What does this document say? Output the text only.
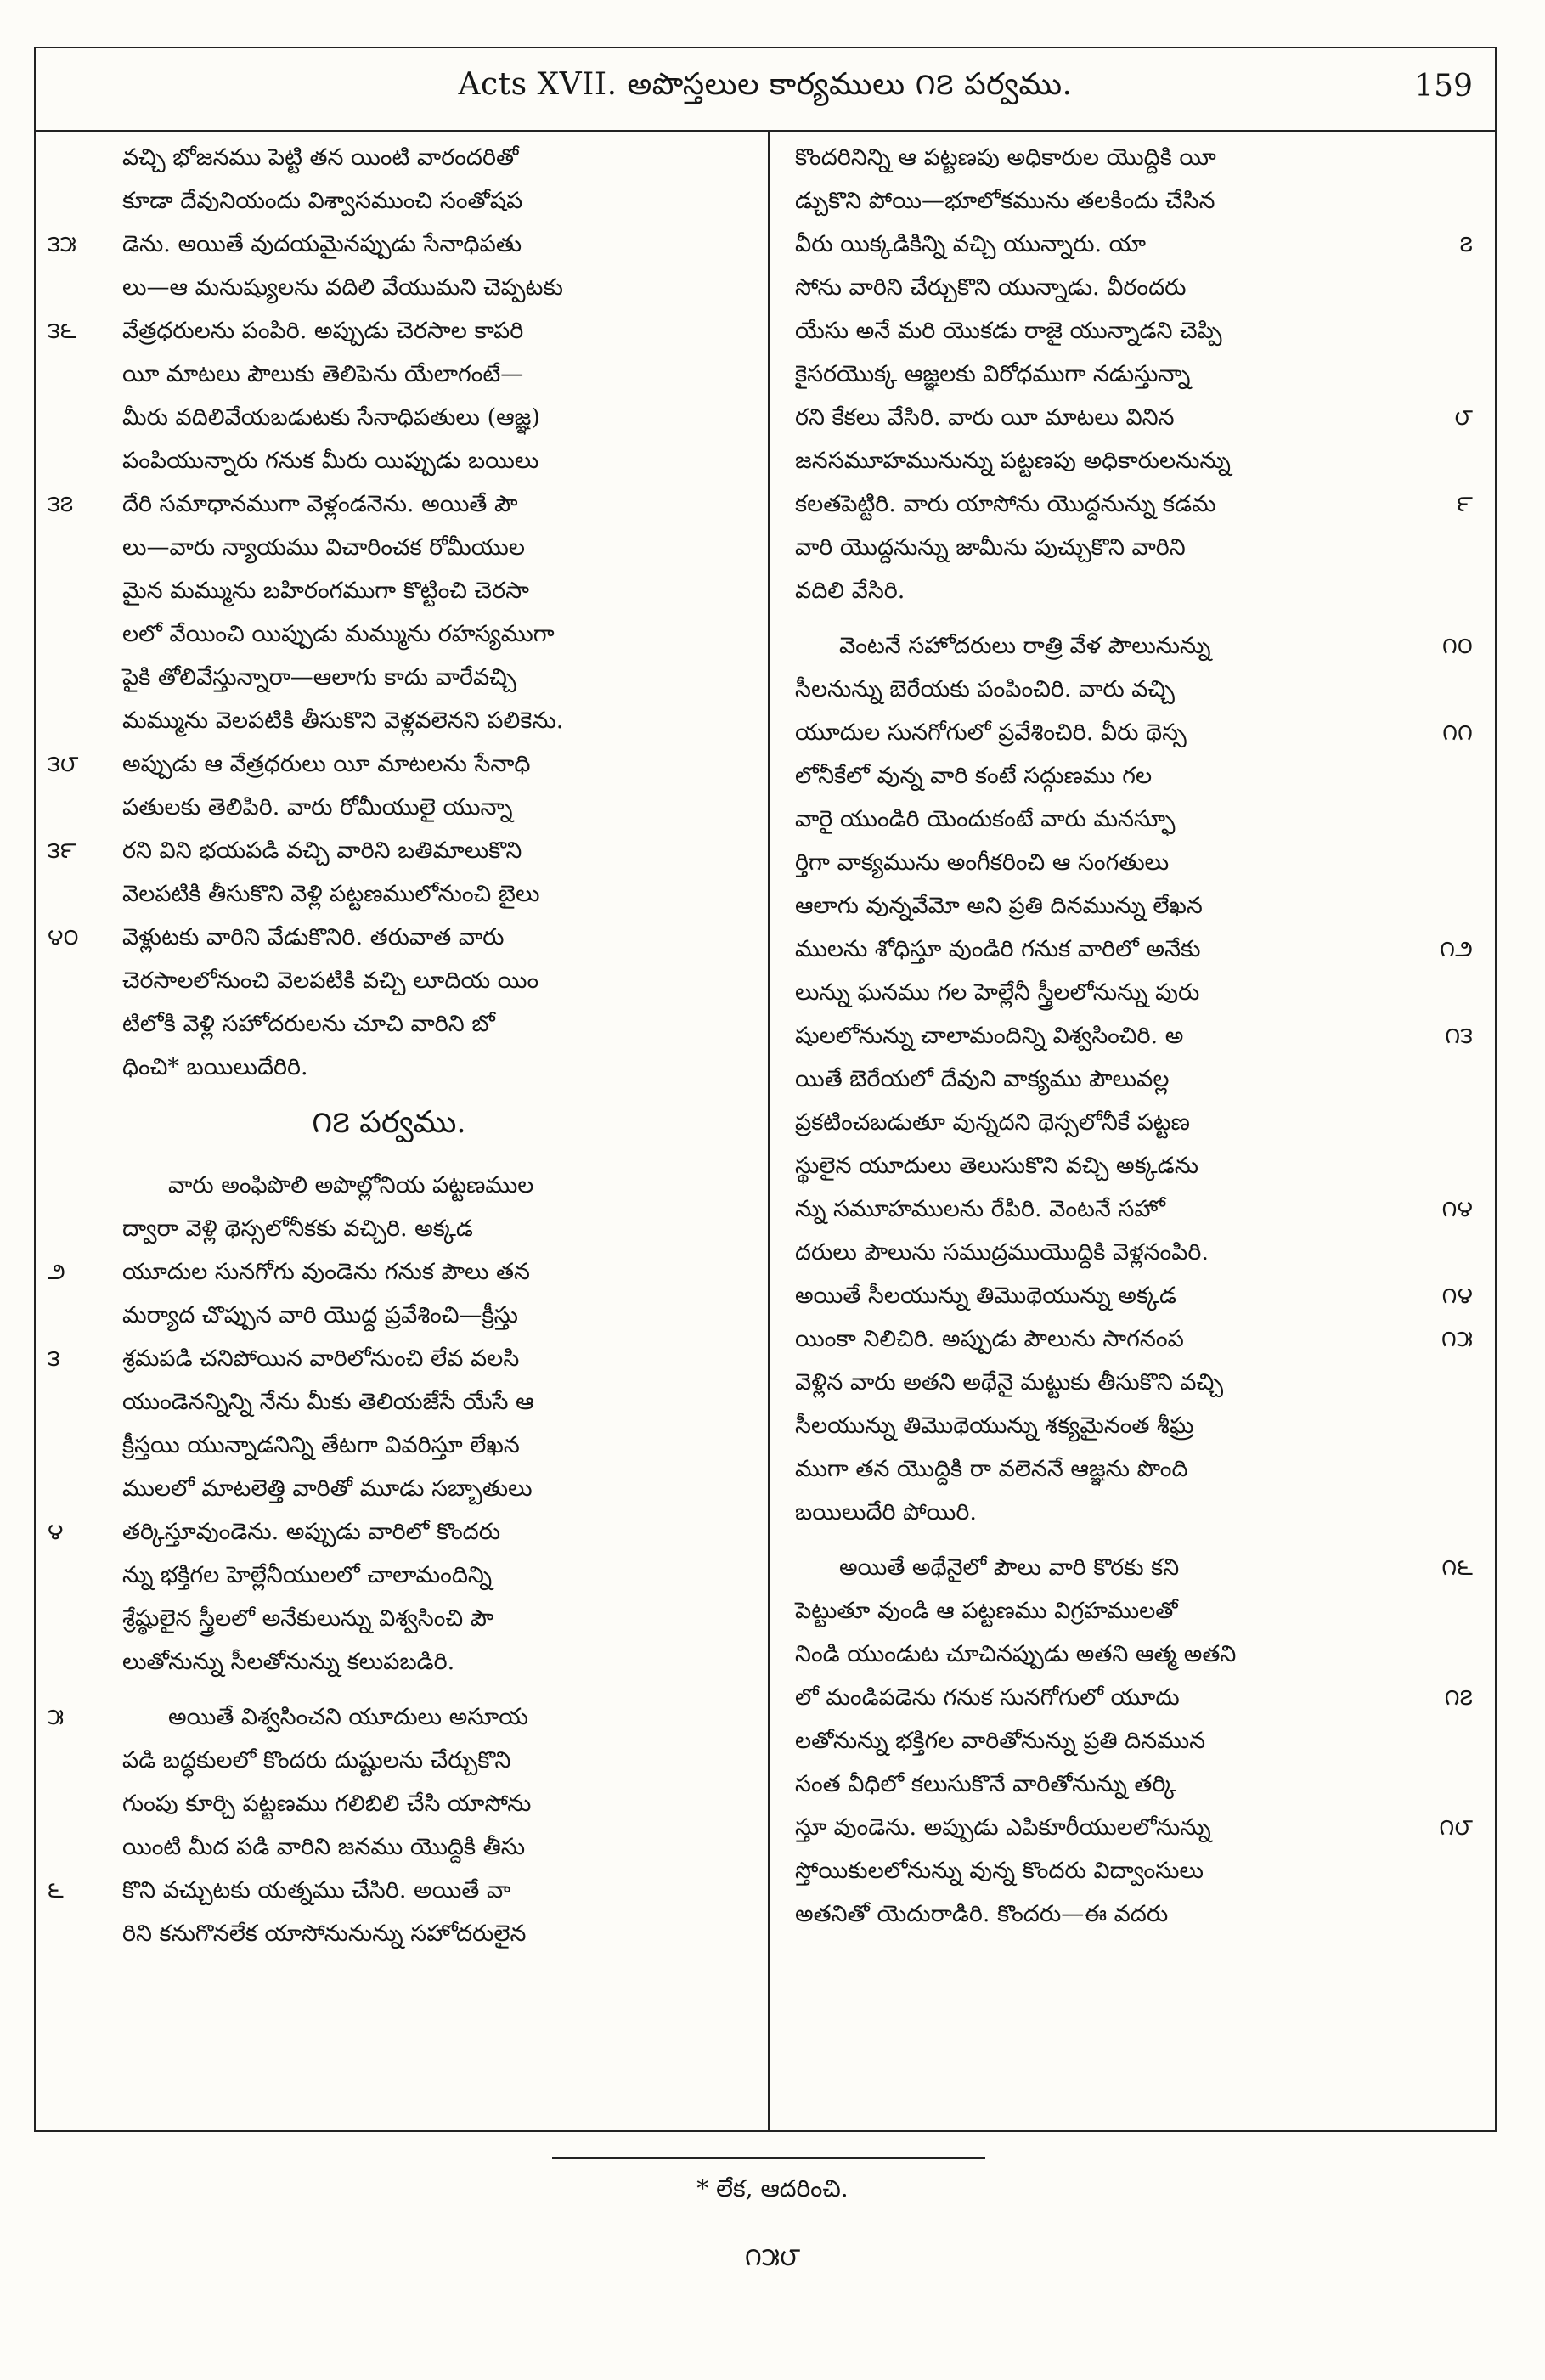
Acts XVII. అపొస్తలుల కార్యములు ౧౭ పర్వము.	159
వచ్చి భోజనము పెట్టి తన యింటి వారందరితో
కూడా దేవునియందు విశ్వాసముంచి సంతోషప
౩౫	డెను. అయితే వుదయమైనప్పుడు సేనాధిపతు
లు—ఆ మనుష్యులను వదిలి వేయుమని చెప్పటకు
౩౬	వేత్రధరులను పంపిరి. అప్పుడు చెరసాల కాపరి
యీ మాటలు పౌలుకు తెలిపెను యేలాగంటే—
మీరు వదిలివేయబడుటకు సేనాధిపతులు (ఆజ్ఞ)
పంపియున్నారు గనుక మీరు యిప్పుడు బయిలు
౩౭	దేరి సమాధానముగా వెళ్లండనెను. అయితే పౌ
లు—వారు న్యాయము విచారించక రోమీయుల
మైన మమ్మును బహిరంగముగా కొట్టించి చెరసా
లలో వేయించి యిప్పుడు మమ్మును రహస్యముగా
పైకి తోలివేస్తున్నారా—ఆలాగు కాదు వారేవచ్చి
మమ్మును వెలపటికి తీసుకొని వెళ్లవలెనని పలికెను.
౩౮	అప్పుడు ఆ వేత్రధరులు యీ మాటలను సేనాధి
పతులకు తెలిపిరి. వారు రోమీయులై యున్నా
౩౯	రని విని భయపడి వచ్చి వారిని బతిమాలుకొని
వెలపటికి తీసుకొని వెళ్లి పట్టణములోనుంచి బైలు
౪౦	వెళ్లుటకు వారిని వేడుకొనిరి. తరువాత వారు
చెరసాలలోనుంచి వెలపటికి వచ్చి లూదియ యిం
టిలోకి వెళ్లి సహోదరులను చూచి వారిని బో
ధించి* బయిలుదేరిరి.
౧౭ పర్వము.
వారు అంఫిపొలి అపొల్లోనియ పట్టణముల
ద్వారా వెళ్లి థెస్సలోనీకకు వచ్చిరి. అక్కడ
౨	యూదుల సునగోగు వుండెను గనుక పౌలు తన
మర్యాద చొప్పున వారి యొద్ద ప్రవేశించి—క్రీస్తు
౩	శ్రమపడి చనిపోయిన వారిలోనుంచి లేవ వలసి
యుండెనన్నిన్ని నేను మీకు తెలియజేసే యేసే ఆ
క్రీస్తయి యున్నాడనిన్ని తేటగా వివరిస్తూ లేఖన
ములలో మాటలెత్తి వారితో మూడు సబ్బాతులు
౪	తర్కిస్తూవుండెను. అప్పుడు వారిలో కొందరు
న్ను భక్తిగల హెల్లేనీయులలో చాలామందిన్ని
శ్రేష్ఠులైన స్త్రీలలో అనేకులున్ను విశ్వసించి పౌ
లుతోనున్ను సీలతోనున్ను కలుపబడిరి.
౫	అయితే విశ్వసించని యూదులు అసూయ
పడి బద్ధకులలో కొందరు దుష్టులను చేర్చుకొని
గుంపు కూర్చి పట్టణము గలిబిలి చేసి యాసోను
యింటి మీద పడి వారిని జనము యొద్దికి తీసు
౬	కొని వచ్చుటకు యత్నము చేసిరి. అయితే వా
రిని కనుగొనలేక యాసోనునున్ను సహోదరులైన
కొందరినిన్ని ఆ పట్టణపు అధికారుల యొద్దికి యీ
డ్చుకొని పోయి—భూలోకమును తలకిందు చేసిన
౭
వీరు యిక్కడికిన్ని వచ్చి యున్నారు. యా
సోను వారిని చేర్చుకొని యున్నాడు. వీరందరు
యేసు అనే మరి యొకడు రాజై యున్నాడని చెప్పి
కైసరయొక్క ఆజ్ఞలకు విరోధముగా నడుస్తున్నా
౮
రని కేకలు వేసిరి. వారు యీ మాటలు వినిన
జనసమూహమునున్ను పట్టణపు అధికారులనున్ను
౯
కలతపెట్టిరి. వారు యాసోను యొద్దనున్ను కడమ
వారి యొద్దనున్ను జామీను పుచ్చుకొని వారిని
వదిలి వేసిరి.
౧౦
వెంటనే సహోదరులు రాత్రి వేళ పౌలునున్ను
సీలనున్ను బెరేయకు పంపించిరి. వారు వచ్చి
౧౧
యూదుల సునగోగులో ప్రవేశించిరి. వీరు థెస్స
లోనీకేలో వున్న వారి కంటే సద్గుణము గల
వారై యుండిరి యెందుకంటే వారు మనస్ఫూ
ర్తిగా వాక్యమును అంగీకరించి ఆ సంగతులు
ఆలాగు వున్నవేమో అని ప్రతి దినమున్ను లేఖన
౧౨
ములను శోధిస్తూ వుండిరి గనుక వారిలో అనేకు
లున్ను ఘనము గల హెల్లేనీ స్త్రీలలోనున్ను పురు
౧౩
షులలోనున్ను చాలామందిన్ని విశ్వసించిరి. అ
యితే బెరేయలో దేవుని వాక్యము పౌలువల్ల
ప్రకటించబడుతూ వున్నదని థెస్సలోనీకే పట్టణ
స్థులైన యూదులు తెలుసుకొని వచ్చి అక్కడను
౧౪
న్ను సమూహములను రేపిరి. వెంటనే సహో
దరులు పౌలును సముద్రముయొద్దికి వెళ్లనంపిరి.
౧౪
అయితే సీలయున్ను తిమొథెయున్ను అక్కడ
౧౫
యింకా నిలిచిరి. అప్పుడు పౌలును సాగనంప
వెళ్లిన వారు అతని అథేనై మట్టుకు తీసుకొని వచ్చి
సీలయున్ను తిమొథెయున్ను శక్యమైనంత శీఘ్ర
ముగా తన యొద్దికి రా వలెననే ఆజ్ఞను పొంది
బయిలుదేరి పోయిరి.
౧౬
అయితే అథేనైలో పౌలు వారి కొరకు కని
పెట్టుతూ వుండి ఆ పట్టణము విగ్రహములతో
నిండి యుండుట చూచినప్పుడు అతని ఆత్మ అతని
౧౭
లో మండిపడెను గనుక సునగోగులో యూదు
లతోనున్ను భక్తిగల వారితోనున్ను ప్రతి దినమున
సంత వీధిలో కలుసుకొనే వారితోనున్ను తర్కి
౧౮
స్తూ వుండెను. అప్పుడు ఎపికూరీయులలోనున్ను
స్తోయికులలోనున్ను వున్న కొందరు విద్వాంసులు
అతనితో యెదురాడిరి. కొందరు—ఈ వదరు
* లేక, ఆదరించి.
౧౫౮
